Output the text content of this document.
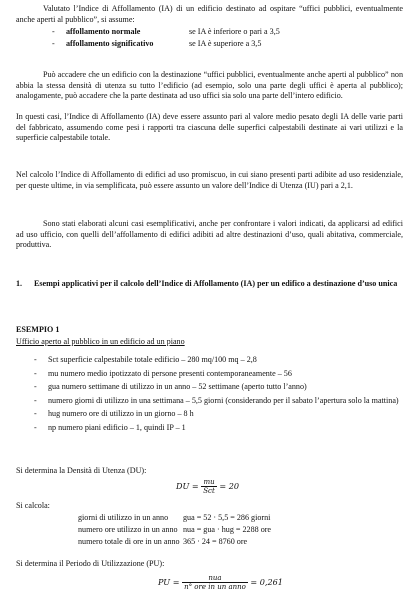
Valutato l’Indice di Affollamento (IA) di un edificio destinato ad ospitare “uffici pubblici, eventualmente anche aperti al pubblico”, si assume:

- affollamento normale	se IA è inferiore o pari a 3,5
- affollamento significativo	se IA è superiore a 3,5

Può accadere che un edificio con la destinazione “uffici pubblici, eventualmente anche aperti al pubblico” non abbia la stessa densità di utenza su tutto l’edificio (ad esempio, solo una parte degli uffici è aperta al pubblico); analogamente, può accadere che la parte destinata ad uso uffici sia solo una parte dell’intero edificio.

In questi casi, l’Indice di Affollamento (IA) deve essere assunto pari al valore medio pesato degli IA delle varie parti del fabbricato, assumendo come pesi i rapporti tra ciascuna delle superfici calpestabili destinate ai vari utilizzi e la superficie calpestabile totale.

Nel calcolo l’Indice di Affollamento di edifici ad uso promiscuo, in cui siano presenti parti adibite ad uso residenziale, per queste ultime, in via semplificata, può essere assunto un valore dell’Indice di Utenza (IU) pari a 2,1.

Sono stati elaborati alcuni casi esemplificativi, anche per confrontare i valori indicati, da applicarsi ad edifici ad uso ufficio, con quelli dell’affollamento di edifici adibiti ad altre destinazioni d’uso, quali abitativa, commerciale, produttiva.

1. Esempi applicativi per il calcolo dell’Indice di Affollamento (IA) per un edifico a destinazione d’uso unica

ESEMPIO 1

Ufficio aperto al pubblico in un edificio ad un piano

- Sct superficie calpestabile totale edificio – 280 mq/100 mq – 2,8
- mu numero medio ipotizzato di persone presenti contemporaneamente – 56
- gua numero settimane di utilizzo in un anno – 52 settimane (aperto tutto l’anno)
- numero giorni di utilizzo in una settimana – 5,5 giorni (considerando per il sabato l’apertura solo la mattina)
- hug numero ore di utilizzo in un giorno – 8 h
- np numero piani edificio – 1, quindi IP – 1

Si determina la Densità di Utenza (DU):

DU = $\frac{mu}{\text{Sct}} = 20$

Si calcola:

giorni di utilizzo in un anno gua = 52 · 5,5 = 286 giorni
numero ore utilizzo in un anno nua = gua · hug = 2288 ore
numero totale di ore in un anno 365 · 24 = 8760 ore

Si determina il Periodo di Utilizzazione (PU):

PU = $\frac{\text{nua}}{\text{n° ore in un anno}} = 0,261$
